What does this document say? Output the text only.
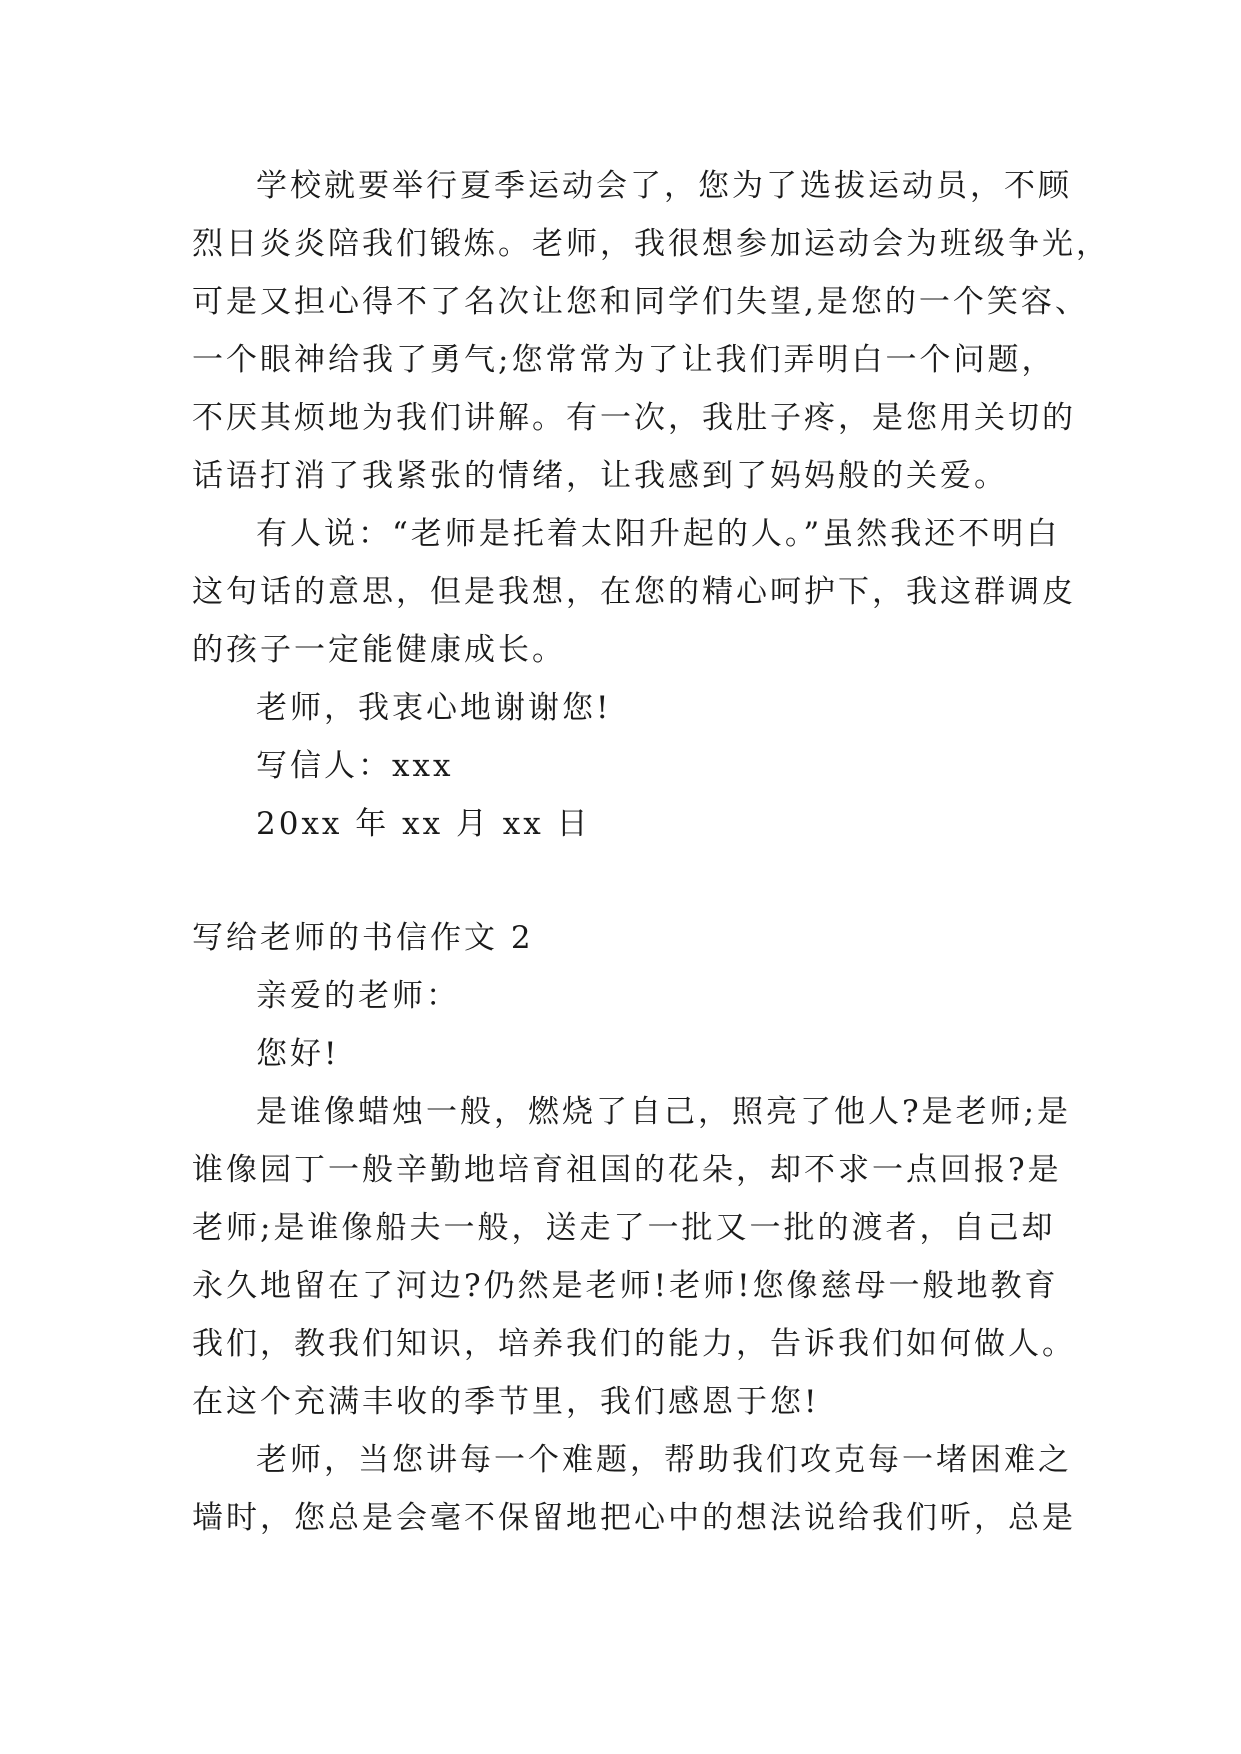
学校就要举行夏季运动会了，您为了选拔运动员，不顾
烈日炎炎陪我们锻炼。老师，我很想参加运动会为班级争光，
可是又担心得不了名次让您和同学们失望,是您的一个笑容、
一个眼神给我了勇气;您常常为了让我们弄明白一个问题，
不厌其烦地为我们讲解。有一次，我肚子疼，是您用关切的
话语打消了我紧张的情绪，让我感到了妈妈般的关爱。
有人说：“老师是托着太阳升起的人。”虽然我还不明白
这句话的意思，但是我想，在您的精心呵护下，我这群调皮
的孩子一定能健康成长。
老师，我衷心地谢谢您!
写信人：xxx
20xx 年 xx 月 xx 日
写给老师的书信作文 2
亲爱的老师：
您好!
是谁像蜡烛一般，燃烧了自己，照亮了他人?是老师;是
谁像园丁一般辛勤地培育祖国的花朵，却不求一点回报?是
老师;是谁像船夫一般，送走了一批又一批的渡者，自己却
永久地留在了河边?仍然是老师!老师!您像慈母一般地教育
我们，教我们知识，培养我们的能力，告诉我们如何做人。
在这个充满丰收的季节里，我们感恩于您!
老师，当您讲每一个难题，帮助我们攻克每一堵困难之
墙时，您总是会毫不保留地把心中的想法说给我们听，总是
